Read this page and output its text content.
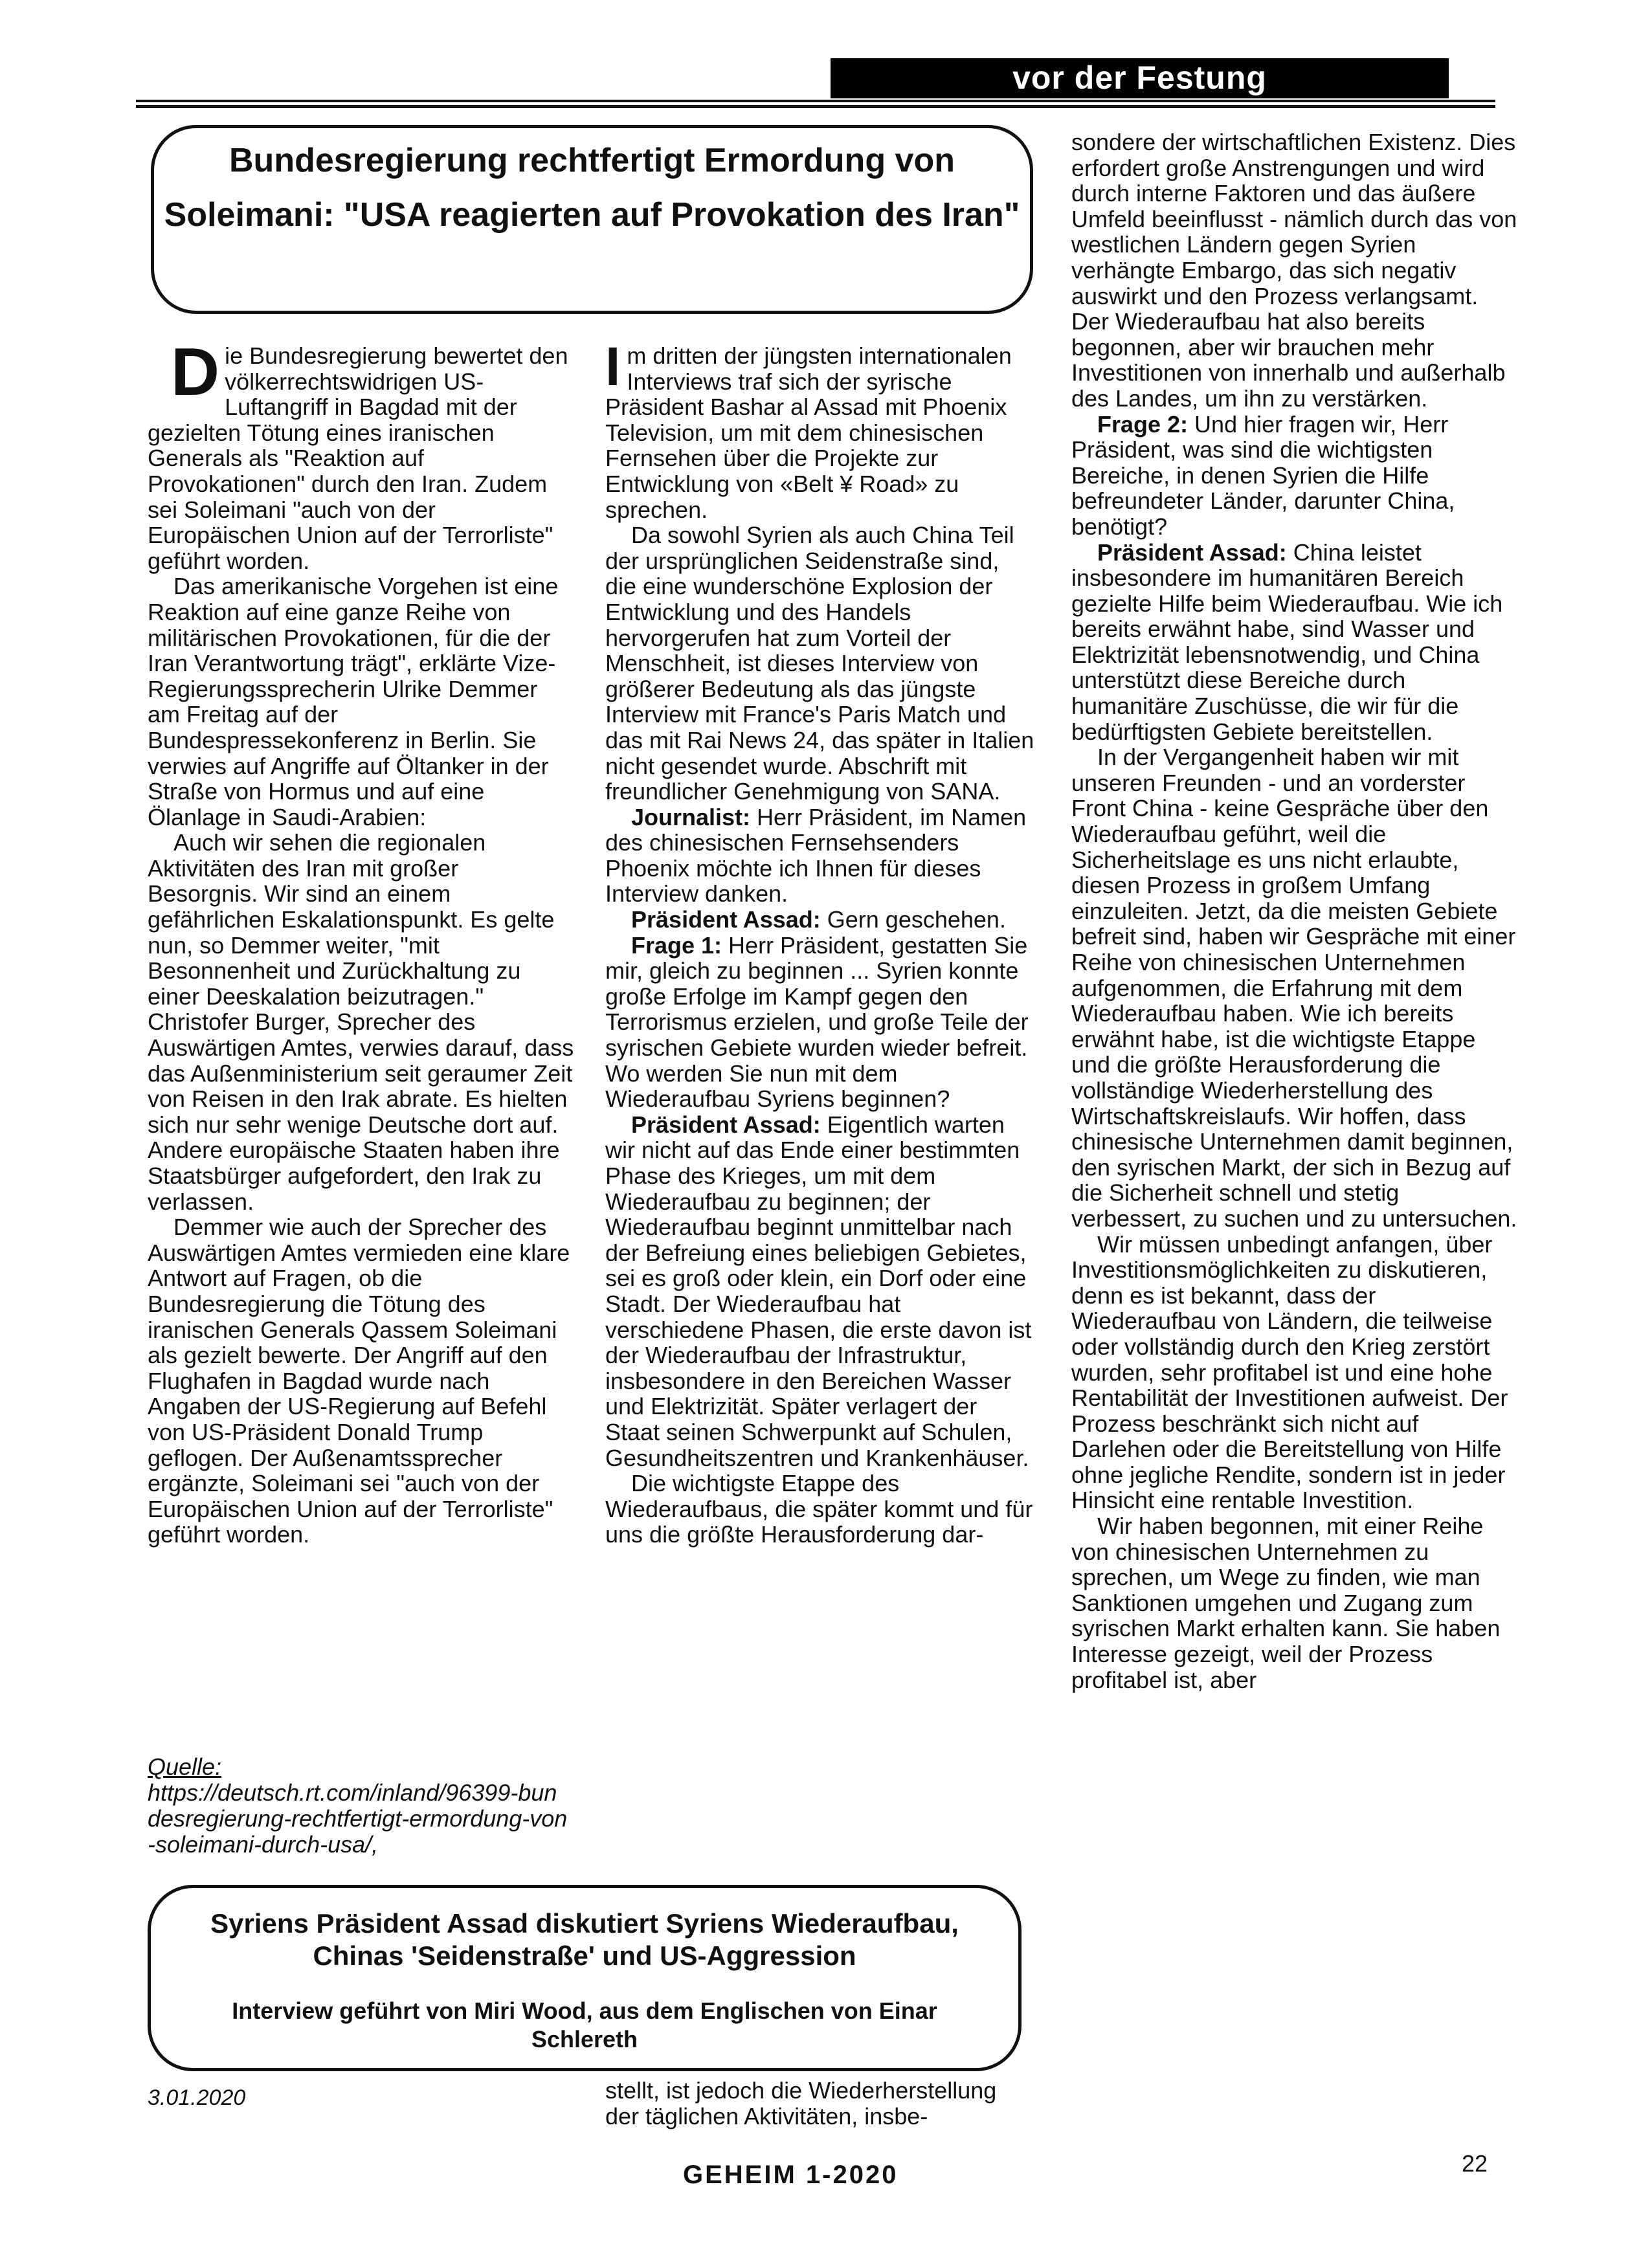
vor der Festung
Bundesregierung rechtfertigt Ermordung von Soleimani: "USA reagierten auf Provokation des Iran"

Die Bundesregierung bewertet den völkerrechtswidrigen US-Luftangriff in Bagdad mit der gezielten Tötung eines iranischen Generals als "Reaktion auf Provokationen" durch den Iran. Zudem sei Soleimani "auch von der Europäischen Union auf der Terrorliste" geführt worden.

Das amerikanische Vorgehen ist eine Reaktion auf eine ganze Reihe von militärischen Provokationen, für die der Iran Verantwortung trägt", erklärte Vize-Regierungssprecherin Ulrike Demmer am Freitag auf der Bundespressekonferenz in Berlin. Sie verwies auf Angriffe auf Öltanker in der Straße von Hormus und auf eine Ölanlage in Saudi-Arabien:

Auch wir sehen die regionalen Aktivitäten des Iran mit großer Besorgnis. Wir sind an einem gefährlichen Eskalationspunkt. Es gelte nun, so Demmer weiter, "mit Besonnenheit und Zurückhaltung zu einer Deeskalation beizutragen." Christofer Burger, Sprecher des Auswärtigen Amtes, verwies darauf, dass das Außenministerium seit geraumer Zeit von Reisen in den Irak abrate. Es hielten sich nur sehr wenige Deutsche dort auf. Andere europäische Staaten haben ihre Staatsbürger aufgefordert, den Irak zu verlassen.

Demmer wie auch der Sprecher des Auswärtigen Amtes vermieden eine klare Antwort auf Fragen, ob die Bundesregierung die Tötung des iranischen Generals Qassem Soleimani als gezielt bewerte. Der Angriff auf den Flughafen in Bagdad wurde nach Angaben der US-Regierung auf Befehl von US-Präsident Donald Trump geflogen. Der Außenamtssprecher ergänzte, Soleimani sei "auch von der Europäischen Union auf der Terrorliste" geführt worden.

Quelle:
https://deutsch.rt.com/inland/96399-bundesregierung-rechtfertigt-ermordung-von-soleimani-durch-usa/,

Im dritten der jüngsten internationalen Interviews traf sich der syrische Präsident Bashar al Assad mit Phoenix Television, um mit dem chinesischen Fernsehen über die Projekte zur Entwicklung von «Belt ¥ Road» zu sprechen.

Da sowohl Syrien als auch China Teil der ursprünglichen Seidenstraße sind, die eine wunderschöne Explosion der Entwicklung und des Handels hervorgerufen hat zum Vorteil der Menschheit, ist dieses Interview von größerer Bedeutung als das jüngste Interview mit France's Paris Match und das mit Rai News 24, das später in Italien nicht gesendet wurde. Abschrift mit freundlicher Genehmigung von SANA.

Journalist: Herr Präsident, im Namen des chinesischen Fernsehsenders Phoenix möchte ich Ihnen für dieses Interview danken.

Präsident Assad: Gern geschehen.

Frage 1: Herr Präsident, gestatten Sie mir, gleich zu beginnen ... Syrien konnte große Erfolge im Kampf gegen den Terrorismus erzielen, und große Teile der syrischen Gebiete wurden wieder befreit. Wo werden Sie nun mit dem Wiederaufbau Syriens beginnen?

Präsident Assad: Eigentlich warten wir nicht auf das Ende einer bestimmten Phase des Krieges, um mit dem Wiederaufbau zu beginnen; der Wiederaufbau beginnt unmittelbar nach der Befreiung eines beliebigen Gebietes, sei es groß oder klein, ein Dorf oder eine Stadt. Der Wiederaufbau hat verschiedene Phasen, die erste davon ist der Wiederaufbau der Infrastruktur, insbesondere in den Bereichen Wasser und Elektrizität. Später verlagert der Staat seinen Schwerpunkt auf Schulen, Gesundheitszentren und Krankenhäuser.

Die wichtigste Etappe des Wiederaufbaus, die später kommt und für uns die größte Herausforderung dar-

Syriens Präsident Assad diskutiert Syriens Wiederaufbau, Chinas 'Seidenstraße' und US-Aggression
Interview geführt von Miri Wood, aus dem Englischen von Einar Schlereth
3.01.2020	stellt, ist jedoch die Wiederherstellung der täglichen Aktivitäten, insbe-

sondere der wirtschaftlichen Existenz. Dies erfordert große Anstrengungen und wird durch interne Faktoren und das äußere Umfeld beeinflusst - nämlich durch das von westlichen Ländern gegen Syrien verhängte Embargo, das sich negativ auswirkt und den Prozess verlangsamt. Der Wiederaufbau hat also bereits begonnen, aber wir brauchen mehr Investitionen von innerhalb und außerhalb des Landes, um ihn zu verstärken.

Frage 2: Und hier fragen wir, Herr Präsident, was sind die wichtigsten Bereiche, in denen Syrien die Hilfe befreundeter Länder, darunter China, benötigt?

Präsident Assad: China leistet insbesondere im humanitären Bereich gezielte Hilfe beim Wiederaufbau. Wie ich bereits erwähnt habe, sind Wasser und Elektrizität lebensnotwendig, und China unterstützt diese Bereiche durch humanitäre Zuschüsse, die wir für die bedürftigsten Gebiete bereitstellen.

In der Vergangenheit haben wir mit unseren Freunden - und an vorderster Front China - keine Gespräche über den Wiederaufbau geführt, weil die Sicherheitslage es uns nicht erlaubte, diesen Prozess in großem Umfang einzuleiten. Jetzt, da die meisten Gebiete befreit sind, haben wir Gespräche mit einer Reihe von chinesischen Unternehmen aufgenommen, die Erfahrung mit dem Wiederaufbau haben. Wie ich bereits erwähnt habe, ist die wichtigste Etappe und die größte Herausforderung die vollständige Wiederherstellung des Wirtschaftskreislaufs. Wir hoffen, dass chinesische Unternehmen damit beginnen, den syrischen Markt, der sich in Bezug auf die Sicherheit schnell und stetig verbessert, zu suchen und zu untersuchen.

Wir müssen unbedingt anfangen, über Investitionsmöglichkeiten zu diskutieren, denn es ist bekannt, dass der Wiederaufbau von Ländern, die teilweise oder vollständig durch den Krieg zerstört wurden, sehr profitabel ist und eine hohe Rentabilität der Investitionen aufweist. Der Prozess beschränkt sich nicht auf Darlehen oder die Bereitstellung von Hilfe ohne jegliche Rendite, sondern ist in jeder Hinsicht eine rentable Investition.

Wir haben begonnen, mit einer Reihe von chinesischen Unternehmen zu sprechen, um Wege zu finden, wie man Sanktionen umgehen und Zugang zum syrischen Markt erhalten kann. Sie haben Interesse gezeigt, weil der Prozess profitabel ist, aber

GEHEIM 1-2020	22
